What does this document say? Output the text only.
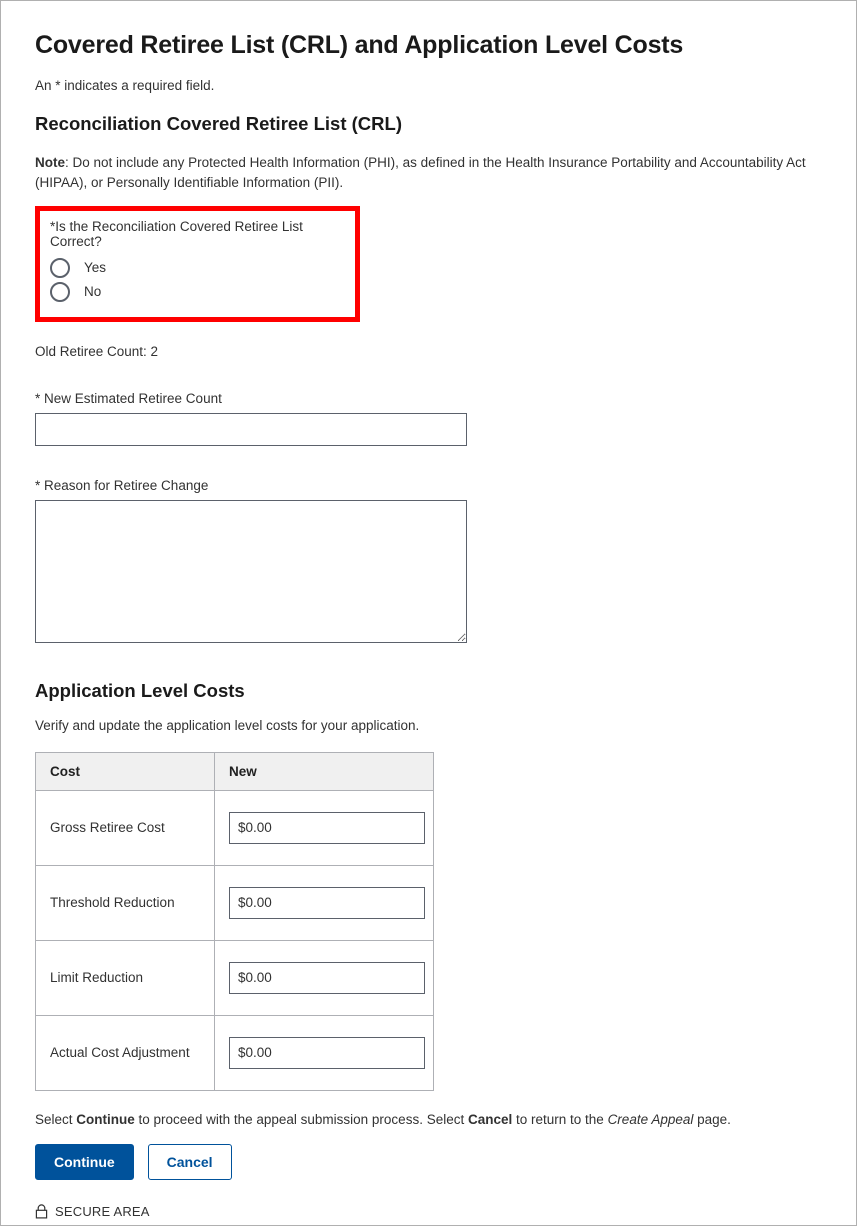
Covered Retiree List (CRL) and Application Level Costs
An * indicates a required field.
Reconciliation Covered Retiree List (CRL)

Note: Do not include any Protected Health Information (PHI), as defined in the Health Insurance Portability and Accountability Act (HIPAA), or Personally Identifiable Information (PII).

*Is the Reconciliation Covered Retiree List Correct?
Yes
No
Old Retiree Count: 2
* New Estimated Retiree Count
* Reason for Retiree Change
Application Level Costs
Verify and update the application level costs for your application.
Cost	New
Gross Retiree Cost	$0.00
Threshold Reduction	$0.00
Limit Reduction	$0.00
Actual Cost Adjustment	$0.00
Select Continue to proceed with the appeal submission process. Select Cancel to return to the Create Appeal page.
Continue	Cancel
SECURE AREA
